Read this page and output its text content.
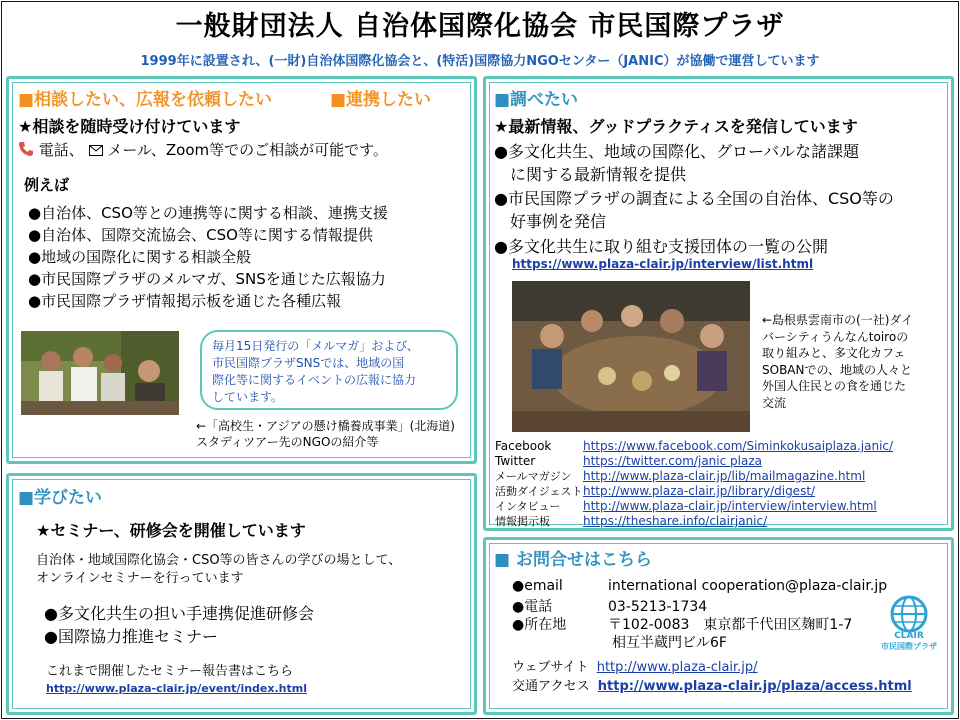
一般財団法人 自治体国際化協会 市民国際プラザ
1999年に設置され、(一財)自治体国際化協会と、(特活)国際協力NGOセンター（JANIC）が協働で運営しています
■相談したい、広報を依頼したい	■連携したい
★相談を随時受け付けています
電話、 メール、Zoom等でのご相談が可能です。
例えば
●自治体、CSO等との連携等に関する相談、連携支援
●自治体、国際交流協会、CSO等に関する情報提供
●地域の国際化に関する相談全般
●市民国際プラザのメルマガ、SNSを通じた広報協力
●市民国際プラザ情報掲示板を通じた各種広報
毎月15日発行の「メルマガ」および、
市民国際プラザSNSでは、地域の国
際化等に関するイベントの広報に協力
しています。
←「高校生・アジアの懸け橋養成事業」(北海道)
スタディツアー先のNGOの紹介等
■調べたい
★最新情報、グッドプラクティスを発信しています
●多文化共生、地域の国際化、グローバルな諸課題
に関する最新情報を提供
●市民国際プラザの調査による全国の自治体、CSO等の
好事例を発信
●多文化共生に取り組む支援団体の一覧の公開
https://www.plaza-clair.jp/interview/list.html
←島根県雲南市の(一社)ダイ
バーシティうんなんtoiroの
取り組みと、多文化カフェ
SOBANでの、地域の人々と
外国人住民との食を通じた
交流
Facebook	https://www.facebook.com/Siminkokusaiplaza.janic/
Twitter	https://twitter.com/janic plaza
メールマガジン http://www.plaza-clair.jp/lib/mailmagazine.html
活動ダイジェストhttp://www.plaza-clair.jp/library/digest/
インタビュー http://www.plaza-clair.jp/interview/interview.html
情報掲示板	https://theshare.info/clairjanic/
■学びたい
★セミナー、研修会を開催しています
自治体・地域国際化協会・CSO等の皆さんの学びの場として、
オンラインセミナーを行っています
●多文化共生の担い手連携促進研修会
●国際協力推進セミナー
これまで開催したセミナー報告書はこちら
http://www.plaza-clair.jp/event/index.html
■ お問合せはこちら
●email	international cooperation@plaza-clair.jp
●電話	03-5213-1734
●所在地	〒102-0083　東京都千代田区麹町1-7
相互半蔵門ビル6F
ウェブサイト http://www.plaza-clair.jp/
交通アクセス http://www.plaza-clair.jp/plaza/access.html
CLAIR
市民国際プラザ
